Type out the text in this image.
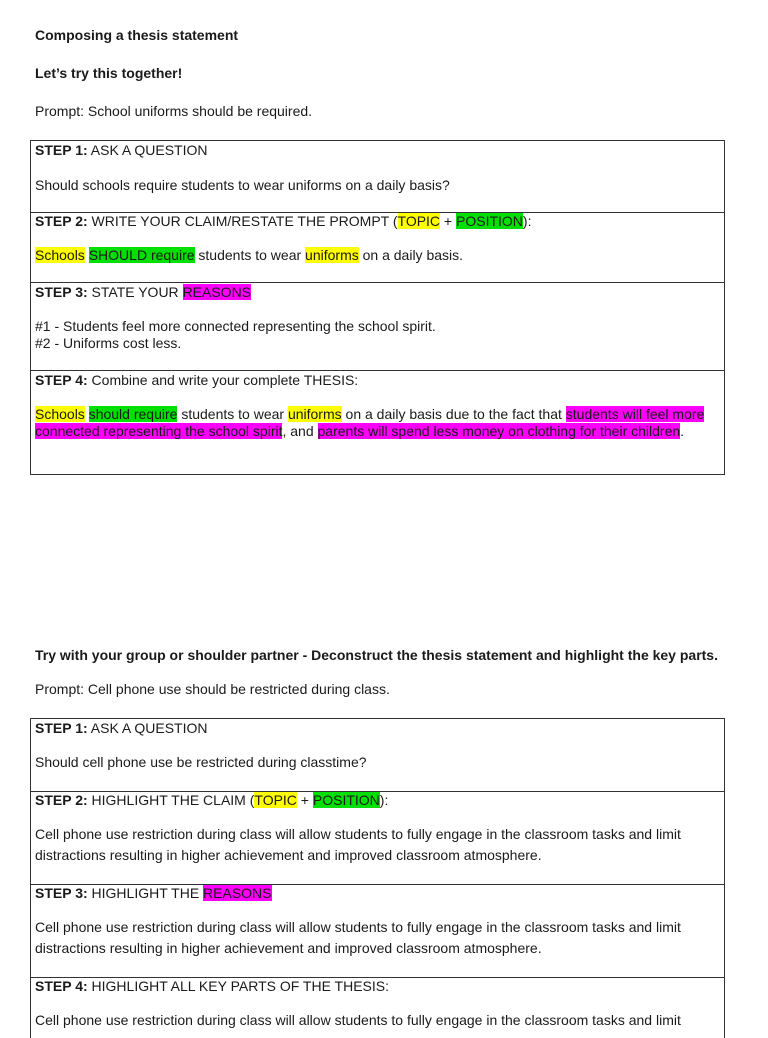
Composing a thesis statement
Let’s try this together!
Prompt: School uniforms should be required.
STEP 1: ASK A QUESTION
Should schools require students to wear uniforms on a daily basis?
STEP 2: WRITE YOUR CLAIM/RESTATE THE PROMPT (TOPIC + POSITION):
Schools SHOULD require students to wear uniforms on a daily basis.
STEP 3: STATE YOUR REASONS
#1 - Students feel more connected representing the school spirit.
#2 - Uniforms cost less.
STEP 4: Combine and write your complete THESIS:
Schools should require students to wear uniforms on a daily basis due to the fact that students will feel more connected representing the school spirit, and parents will spend less money on clothing for their children.
Try with your group or shoulder partner - Deconstruct the thesis statement and highlight the key parts.
Prompt: Cell phone use should be restricted during class.
STEP 1: ASK A QUESTION
Should cell phone use be restricted during classtime?
STEP 2: HIGHLIGHT THE CLAIM (TOPIC + POSITION):
Cell phone use restriction during class will allow students to fully engage in the classroom tasks and limit distractions resulting in higher achievement and improved classroom atmosphere.
STEP 3: HIGHLIGHT THE REASONS
Cell phone use restriction during class will allow students to fully engage in the classroom tasks and limit distractions resulting in higher achievement and improved classroom atmosphere.
STEP 4: HIGHLIGHT ALL KEY PARTS OF THE THESIS:
Cell phone use restriction during class will allow students to fully engage in the classroom tasks and limit
